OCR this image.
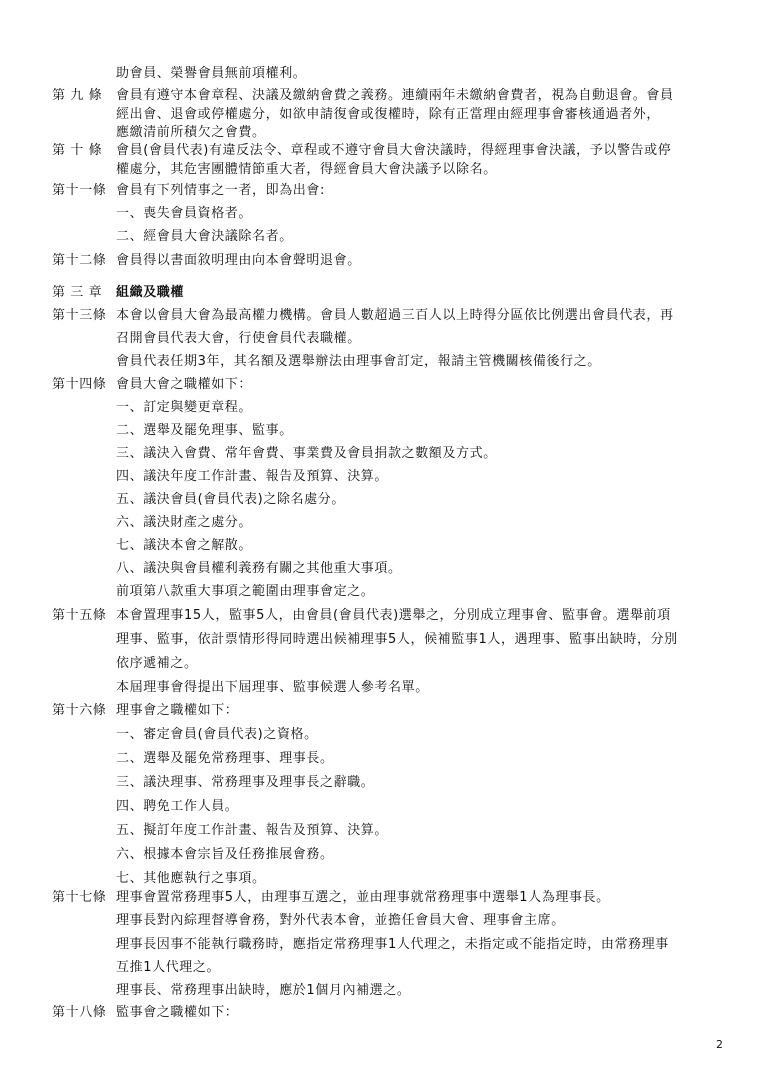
助會員、榮譽會員無前項權利。
第 九 條 會員有遵守本會章程、決議及繳納會費之義務。連續兩年未繳納會費者，視為自動退會。會員
經出會、退會或停權處分，如欲申請復會或復權時，除有正當理由經理事會審核通過者外，
應繳清前所積欠之會費。
第 十 條 會員(會員代表)有違反法令、章程或不遵守會員大會決議時，得經理事會決議，予以警告或停
權處分，其危害團體情節重大者，得經會員大會決議予以除名。
第十一條 會員有下列情事之一者，即為出會:
一、喪失會員資格者。
二、經會員大會決議除名者。
第十二條 會員得以書面敘明理由向本會聲明退會。
第 三 章 組織及職權
第十三條 本會以會員大會為最高權力機構。會員人數超過三百人以上時得分區依比例選出會員代表，再
召開會員代表大會，行使會員代表職權。
會員代表任期3年，其名額及選舉辦法由理事會訂定，報請主管機關核備後行之。
第十四條 會員大會之職權如下：
一、訂定與變更章程。
二、選舉及罷免理事、監事。
三、議決入會費、常年會費、事業費及會員捐款之數額及方式。
四、議決年度工作計畫、報告及預算、決算。
五、議決會員(會員代表)之除名處分。
六、議決財產之處分。
七、議決本會之解散。
八、議決與會員權利義務有關之其他重大事項。
前項第八款重大事項之範圍由理事會定之。
第十五條 本會置理事15人，監事5人，由會員(會員代表)選舉之，分別成立理事會、監事會。選舉前項
理事、監事，依計票情形得同時選出候補理事5人，候補監事1人，遇理事、監事出缺時，分別
依序遞補之。
本屆理事會得提出下屆理事、監事候選人參考名單。
第十六條 理事會之職權如下：
一、審定會員(會員代表)之資格。
二、選舉及罷免常務理事、理事長。
三、議決理事、常務理事及理事長之辭職。
四、聘免工作人員。
五、擬訂年度工作計畫、報告及預算、決算。
六、根據本會宗旨及任務推展會務。
七、其他應執行之事項。
第十七條 理事會置常務理事5人，由理事互選之，並由理事就常務理事中選舉1人為理事長。
理事長對內綜理督導會務，對外代表本會，並擔任會員大會、理事會主席。
理事長因事不能執行職務時，應指定常務理事1人代理之，未指定或不能指定時，由常務理事
互推1人代理之。
理事長、常務理事出缺時，應於1個月內補選之。
第十八條 監事會之職權如下：
2
